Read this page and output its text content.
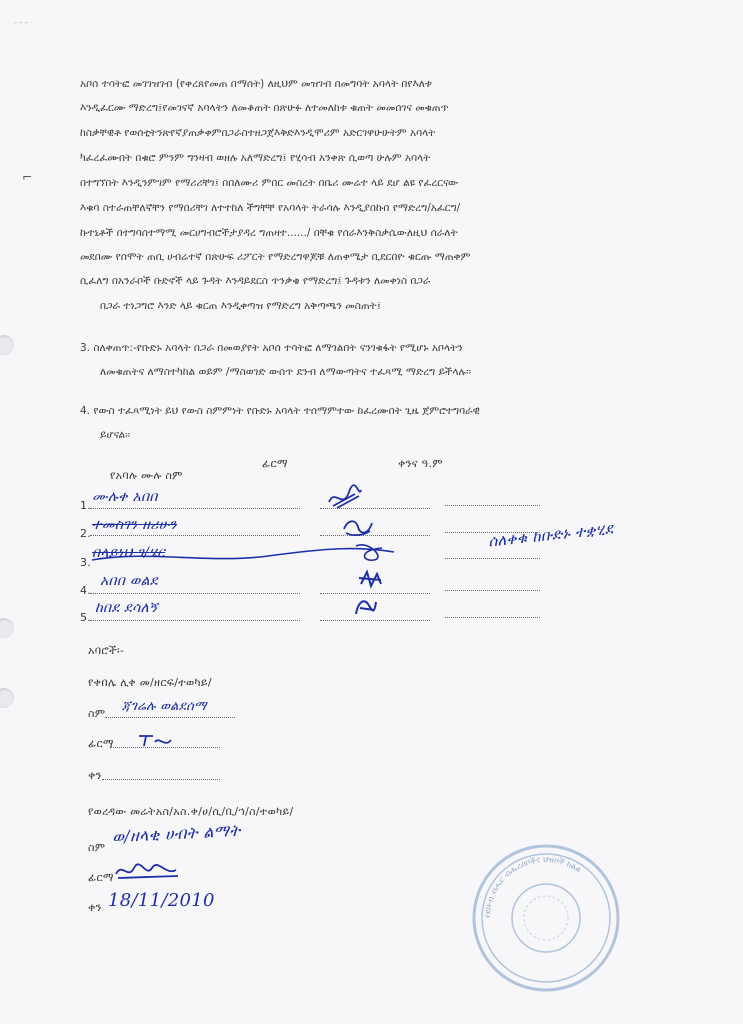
⌐
- - -
አቦሰ ተሳትፎ መገገዝገብ (የቀረጸየመጠ በማሰት) ለዚህም መዝገብ በመግባት አባላት በየእለቱ
እንዲፈርሙ ማድረግ፤የመገናኛ አባላትን ለመቆጠት በጽሁፉ ለተመለከቱ ቁጠት መመሰገና መቁጠጥ
ከስቃቸዊቶ የወሰቲትንጽየኛያጠቃቀምበጋራስተዘጋጀእቅድእንዲሞሪም አድርገዋሁሁትም አባላት
ካፈረፈሙበት በቁሮ ምንም ግንዛብ ወዘሉ አለማድረግ፤ የሂሳብ አንቀጽ ሲወጣ ሁሉም አባላት
በተግኘበት እንዲንምገም የማሪሪቸገ፤ በበለሙሪ ምበር መስረት በቤሪ ሙሬተ ላይ ደሆ ልዩ የፈረርናው
እቁባ ስተራጠቸለኛቸን የማበሪቸገ ለተተከለ ችግቸቸ የአባላት ትራሳሉ እንዲያበኩበ የማድረግ/አፈርግ/
ኩተኒቶች በተግባሰተማሚ መርሀግብሮችታያዳረ ግጠዛተ....../ በቸቁ የሰራእንቅስቃሴውለዚህ ሰራለት
መደበሙ የሰሞት ጠቢ ሀብሬተኛ በጽሁፍ ሪፖርት የማድረግዋጆቹ ለጠቀሜታ ቢደርበዮ ቁርጡ ማጠቀም
ሲፈለግ በአንራቦች ቡድኖች ላይ ጉዳት እንዳይደርስ ጥንቃቄ የማድረግ፤ ጉዳቱን ለመቀነስ በጋራ
በጋራ ተነጋግሮ እንድ ላይ ቁርጠ እንዲቀጣዝ የማድረግ አቅጣጫን መስጠት፤
3. ስለቀጠጥ:-የቡድኑ አባላት በጋራ በመወያየት አቦሰ ተሳትፎ ለማጎልበት ናንገቁፋት የሚሆኑ አቦላትን
ለመቁጠትና ለማስተካከል ወይም /ማስወገድ ውሰጥ ደንብ ለማውጣትና ተፈጻሚ ማድረግ ይችላሉ፡፡
4. የውስ ተፈጻሚነት ይህ የውስ ስምምነት የቡድኑ አባላት ተሰማምተው ከፈረሙበት ጊዜ ጀምሮተግባራዊ
ይሆናል፡፡
የአባሉ ሙሉ ስም
ፊርማ	ቀንና ዓ.ም
1.
ሙሉቀ አበበ
2.
ተመስገን ዘሪሁን
3.
በላይነህ ገ/ሄር
4.
አበበ ወልደ
5.
ከበደ ደሳለኝ
ሰለቀቁ ከቡድኑ ተቋሂደ
አባሮች፡-
የቀበሌ ሊቀ መ/ዘርፍ/ተወካይ/
ስም ጃገሬሉ ወልደሰማ
ፊርማ
ቀን
የወረዳው መሬትአስ/አስ.ቀ/ሀ/ሲ/ቢ/ኀ/ስ/ተወካይ/
ስም
ወ/ዘላቂ ሀብት ልማት
ፊርማ
ቀን 18/11/2010
የደቡብ ብሔር ብሔረሰቦችና ህዝቦች ክልል
